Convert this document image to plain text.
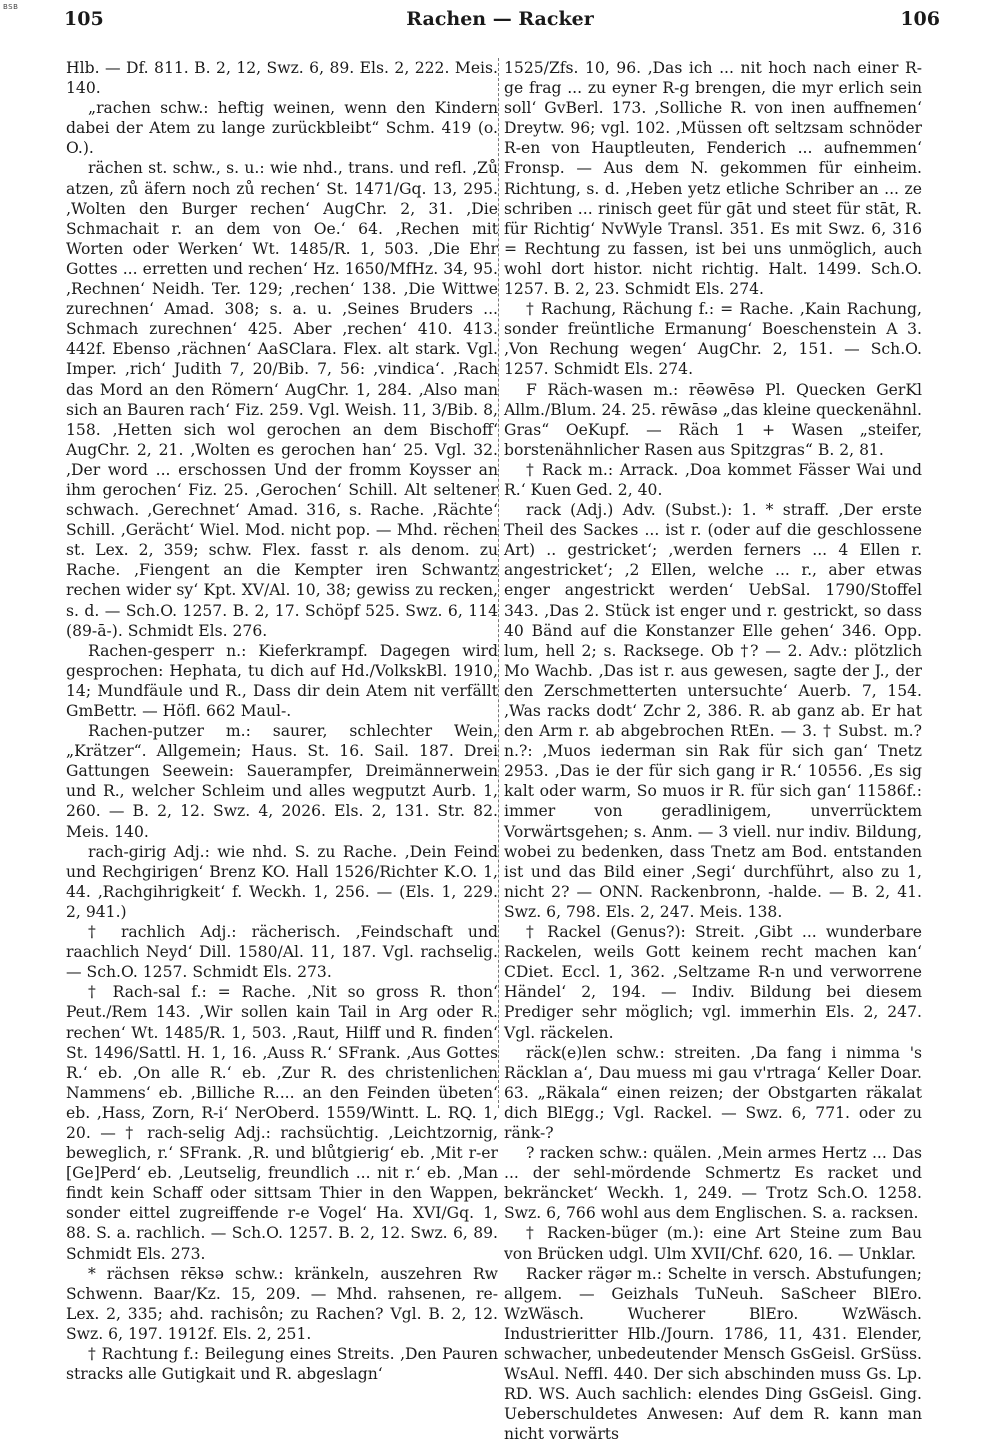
BSB
105	Rachen — Racker	106

Hlb. — Df. 811. B. 2, 12, Swz. 6, 89. Els. 2, 222. Meis. 140.

„rachen schw.: heftig weinen, wenn den Kindern dabei der Atem zu lange zurückbleibt“ Schm. 419 (o. O.).

rächen st. schw., s. u.: wie nhd., trans. und refl. ‚Zů atzen, zů äfern noch zů rechen‘ St. 1471/Gq. 13, 295. ‚Wolten den Burger rechen‘ AugChr. 2, 31. ‚Die Schmachait r. an dem von Oe.‘ 64. ‚Rechen mit Worten oder Werken‘ Wt. 1485/R. 1, 503. ‚Die Ehr Gottes ... erretten und rechen‘ Hz. 1650/MfHz. 34, 95. ‚Rechnen‘ Neidh. Ter. 129; ‚rechen‘ 138. ‚Die Wittwe zurechnen‘ Amad. 308; s. a. u. ‚Seines Bruders ... Schmach zurechnen‘ 425. Aber ‚rechen‘ 410. 413. 442f. Ebenso ‚rächnen‘ AaSClara. Flex. alt stark. Vgl. Imper. ‚rich‘ Judith 7, 20/Bib. 7, 56: ‚vindica‘. ‚Rach das Mord an den Römern‘ AugChr. 1, 284. ‚Also man sich an Bauren rach‘ Fiz. 259. Vgl. Weish. 11, 3/Bib. 8, 158. ‚Hetten sich wol gerochen an dem Bischoff‘ AugChr. 2, 21. ‚Wolten es gerochen han‘ 25. Vgl. 32. ‚Der word ... erschossen Und der fromm Koysser an ihm gerochen‘ Fiz. 25. ‚Gerochen‘ Schill. Alt seltener schwach. ‚Gerechnet‘ Amad. 316, s. Rache. ‚Rächte‘ Schill. ‚Gerächt‘ Wiel. Mod. nicht pop. — Mhd. rëchen st. Lex. 2, 359; schw. Flex. fasst r. als denom. zu Rache. ‚Fiengent an die Kempter iren Schwantz rechen wider sy‘ Kpt. XV/Al. 10, 38; gewiss zu recken, s. d. — Sch.O. 1257. B. 2, 17. Schöpf 525. Swz. 6, 114 (89-ā-). Schmidt Els. 276.

Rachen-gesperr n.: Kieferkrampf. Dagegen wird gesprochen: Hephata, tu dich auf Hd./VolkskBl. 1910, 14; Mundfäule und R., Dass dir dein Atem nit verfällt GmBettr. — Höfl. 662 Maul-.

Rachen-putzer m.: saurer, schlechter Wein, „Krätzer“. Allgemein; Haus. St. 16. Sail. 187. Drei Gattungen Seewein: Sauerampfer, Dreimännerwein und R., welcher Schleim und alles wegputzt Aurb. 1, 260. — B. 2, 12. Swz. 4, 2026. Els. 2, 131. Str. 82. Meis. 140.

rach-girig Adj.: wie nhd. S. zu Rache. ‚Dein Feind und Rechgirigen‘ Brenz KO. Hall 1526/Richter K.O. 1, 44. ‚Rachgihrigkeit‘ f. Weckh. 1, 256. — (Els. 1, 229. 2, 941.)

† rachlich Adj.: rächerisch. ‚Feindschaft und raachlich Neyd‘ Dill. 1580/Al. 11, 187. Vgl. rachselig. — Sch.O. 1257. Schmidt Els. 273.

† Rach-sal f.: = Rache. ‚Nit so gross R. thon‘ Peut./Rem 143. ‚Wir sollen kain Tail in Arg oder R. rechen‘ Wt. 1485/R. 1, 503. ‚Raut, Hilff und R. finden‘ St. 1496/Sattl. H. 1, 16. ‚Auss R.‘ SFrank. ‚Aus Gottes R.‘ eb. ‚On alle R.‘ eb. ‚Zur R. des christenlichen Nammens‘ eb. ‚Billiche R.... an den Feinden übeten‘ eb. ‚Hass, Zorn, R-i‘ NerOberd. 1559/Wintt. L. RQ. 1, 20. — † rach-selig Adj.: rachsüchtig. ‚Leichtzornig, beweglich, r.‘ SFrank. ‚R. und blůtgierig‘ eb. ‚Mit r-er [Ge]Perd‘ eb. ‚Leutselig, freundlich ... nit r.‘ eb. ‚Man findt kein Schaff oder sittsam Thier in den Wappen, sonder eittel zugreiffende r-e Vogel‘ Ha. XVI/Gq. 1, 88. S. a. rachlich. — Sch.O. 1257. B. 2, 12. Swz. 6, 89. Schmidt Els. 273.

* rächsen rēksə schw.: kränkeln, auszehren Rw Schwenn. Baar/Kz. 15, 209. — Mhd. rahsenen, re- Lex. 2, 335; ahd. rachisôn; zu Rachen? Vgl. B. 2, 12. Swz. 6, 197. 1912f. Els. 2, 251.

† Rachtung f.: Beilegung eines Streits. ‚Den Pauren stracks alle Gutigkait und R. abgeslagn‘

1525/Zfs. 10, 96. ‚Das ich ... nit hoch nach einer R-ge frag ... zu eyner R-g brengen, die myr erlich sein soll‘ GvBerl. 173. ‚Solliche R. von inen auffnemen‘ Dreytw. 96; vgl. 102. ‚Müssen oft seltzsam schnöder R-en von Hauptleuten, Fenderich ... aufnemmen‘ Fronsp. — Aus dem N. gekommen für einheim. Richtung, s. d. ‚Heben yetz etliche Schriber an ... ze schriben ... rinisch geet für gāt und steet für stāt, R. für Richtig‘ NvWyle Transl. 351. Es mit Swz. 6, 316 = Rechtung zu fassen, ist bei uns unmöglich, auch wohl dort histor. nicht richtig. Halt. 1499. Sch.O. 1257. B. 2, 23. Schmidt Els. 274.

† Rachung, Rächung f.: = Rache. ‚Kain Rachung, sonder freüntliche Ermanung‘ Boeschenstein A 3. ‚Von Rechung wegen‘ AugChr. 2, 151. — Sch.O. 1257. Schmidt Els. 274.

F Räch-wasen m.: rēəwēsə Pl. Quecken GerKl Allm./Blum. 24. 25. rēwāsə „das kleine queckenähnl. Gras“ OeKupf. — Räch 1 + Wasen „steifer, borstenähnlicher Rasen aus Spitzgras“ B. 2, 81.

† Rack m.: Arrack. ‚Doa kommet Fässer Wai und R.‘ Kuen Ged. 2, 40.

rack (Adj.) Adv. (Subst.): 1. * straff. ‚Der erste Theil des Sackes ... ist r. (oder auf die geschlossene Art) .. gestricket‘; ‚werden ferners ... 4 Ellen r. angestricket‘; ‚2 Ellen, welche ... r., aber etwas enger angestrickt werden‘ UebSal. 1790/Stoffel 343. ‚Das 2. Stück ist enger und r. gestrickt, so dass 40 Bänd auf die Konstanzer Elle gehen‘ 346. Opp. lum, hell 2; s. Racksege. Ob †? — 2. Adv.: plötzlich Mo Wachb. ‚Das ist r. aus gewesen, sagte der J., der den Zerschmetterten untersuchte‘ Auerb. 7, 154. ‚Was racks dodt‘ Zchr 2, 386. R. ab ganz ab. Er hat den Arm r. ab abgebrochen RtEn. — 3. † Subst. m.? n.?: ‚Muos iederman sin Rak für sich gan‘ Tnetz 2953. ‚Das ie der für sich gang ir R.‘ 10556. ‚Es sig kalt oder warm, So muos ir R. für sich gan‘ 11586f.: immer von geradlinigem, unverrücktem Vorwärtsgehen; s. Anm. — 3 viell. nur indiv. Bildung, wobei zu bedenken, dass Tnetz am Bod. entstanden ist und das Bild einer ‚Segi‘ durchführt, also zu 1, nicht 2? — ONN. Rackenbronn, -halde. — B. 2, 41. Swz. 6, 798. Els. 2, 247. Meis. 138.

† Rackel (Genus?): Streit. ‚Gibt ... wunderbare Rackelen, weils Gott keinem recht machen kan‘ CDiet. Eccl. 1, 362. ‚Seltzame R-n und verworrene Händel‘ 2, 194. — Indiv. Bildung bei diesem Prediger sehr möglich; vgl. immerhin Els. 2, 247. Vgl. räckelen.

räck(e)len schw.: streiten. ‚Da fang i nimma 's Räcklan a‘, Dau muess mi gau v'rtraga‘ Keller Doar. 63. „Räkala“ einen reizen; der Obstgarten räkalat dich BlEgg.; Vgl. Rackel. — Swz. 6, 771. oder zu ränk-?

? racken schw.: quälen. ‚Mein armes Hertz ... Das ... der sehl-mördende Schmertz Es racket und bekräncket‘ Weckh. 1, 249. — Trotz Sch.O. 1258. Swz. 6, 766 wohl aus dem Englischen. S. a. racksen.

† Racken-büger (m.): eine Art Steine zum Bau von Brücken udgl. Ulm XVII/Chf. 620, 16. — Unklar.

Racker rägər m.: Schelte in versch. Abstufungen; allgem. — Geizhals TuNeuh. SaScheer BlEro. WzWäsch. Wucherer BlEro. WzWäsch. Industrieritter Hlb./Journ. 1786, 11, 431. Elender, schwacher, unbedeutender Mensch GsGeisl. GrSüss. WsAul. Neffl. 440. Der sich abschinden muss Gs. Lp. RD. WS. Auch sachlich: elendes Ding GsGeisl. Ging. Ueberschuldetes Anwesen: Auf dem R. kann man nicht vorwärts
